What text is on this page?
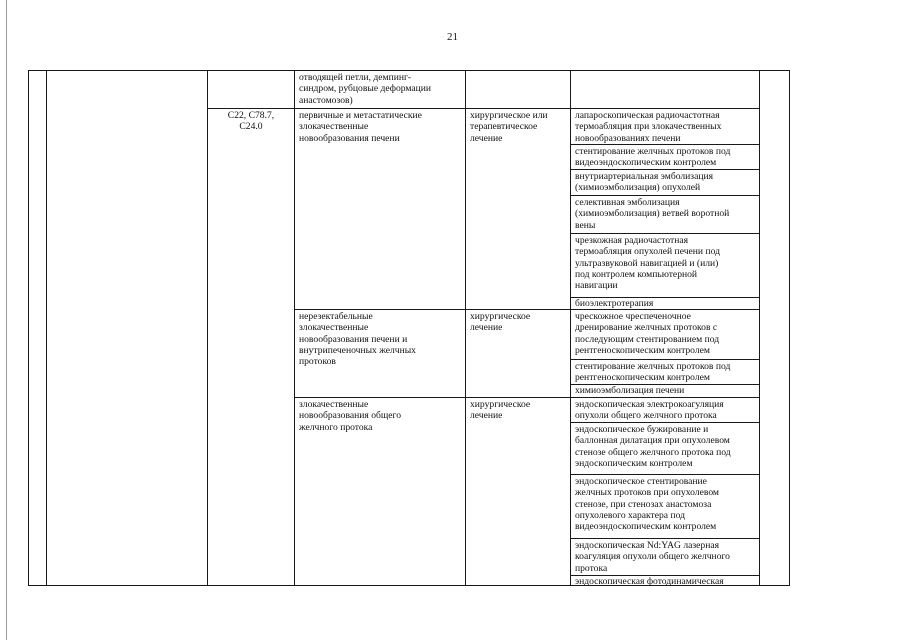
21
отводящей петли, демпинг-
синдром, рубцовые деформации
анастомозов)
С22, С78.7,
С24.0
первичные и метастатические
злокачественные
новообразования печени
хирургическое или
терапевтическое
лечение
лапароскопическая радиочастотная
термоабляция при злокачественных
новообразованиях печени
стентирование желчных протоков под
видеоэндоскопическим контролем
внутриартериальная эмболизация
(химиоэмболизация) опухолей
селективная эмболизация
(химиоэмболизация) ветвей воротной
вены
чрезкожная радиочастотная
термоабляция опухолей печени под
ультразвуковой навигацией и (или)
под контролем компьютерной
навигации
биоэлектротерапия
нерезектабельные
злокачественные
новообразования печени и
внутрипеченочных желчных
протоков
хирургическое
лечение
чрескожное чреспеченочное
дренирование желчных протоков с
последующим стентированием под
рентгеноскопическим контролем
стентирование желчных протоков под
рентгеноскопическим контролем
химиоэмболизация печени
злокачественные
новообразования общего
желчного протока
хирургическое
лечение
эндоскопическая электрокоагуляция
опухоли общего желчного протока
эндоскопическое бужирование и
баллонная дилатация при опухолевом
стенозе общего желчного протока под
эндоскопическим контролем
эндоскопическое стентирование
желчных протоков при опухолевом
стенозе, при стенозах анастомоза
опухолевого характера под
видеоэндоскопическим контролем
эндоскопическая Nd:YAG лазерная
коагуляция опухоли общего желчного
протока
эндоскопическая фотодинамическая
